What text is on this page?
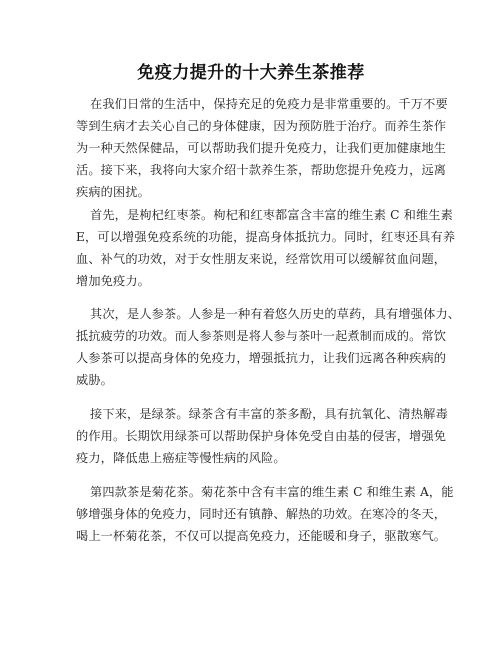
免疫力提升的十大养生茶推荐
在我们日常的生活中，保持充足的免疫力是非常重要的。千万不要
等到生病才去关心自己的身体健康，因为预防胜于治疗。而养生茶作
为一种天然保健品，可以帮助我们提升免疫力，让我们更加健康地生
活。接下来，我将向大家介绍十款养生茶，帮助您提升免疫力，远离
疾病的困扰。
首先，是枸杞红枣茶。枸杞和红枣都富含丰富的维生素 C 和维生素
E，可以增强免疫系统的功能，提高身体抵抗力。同时，红枣还具有养
血、补气的功效，对于女性朋友来说，经常饮用可以缓解贫血问题，
增加免疫力。
其次，是人参茶。人参是一种有着悠久历史的草药，具有增强体力、
抵抗疲劳的功效。而人参茶则是将人参与茶叶一起煮制而成的。常饮
人参茶可以提高身体的免疫力，增强抵抗力，让我们远离各种疾病的
威胁。
接下来，是绿茶。绿茶含有丰富的茶多酚，具有抗氧化、清热解毒
的作用。长期饮用绿茶可以帮助保护身体免受自由基的侵害，增强免
疫力，降低患上癌症等慢性病的风险。
第四款茶是菊花茶。菊花茶中含有丰富的维生素 C 和维生素 A，能
够增强身体的免疫力，同时还有镇静、解热的功效。在寒冷的冬天，
喝上一杯菊花茶，不仅可以提高免疫力，还能暖和身子，驱散寒气。
